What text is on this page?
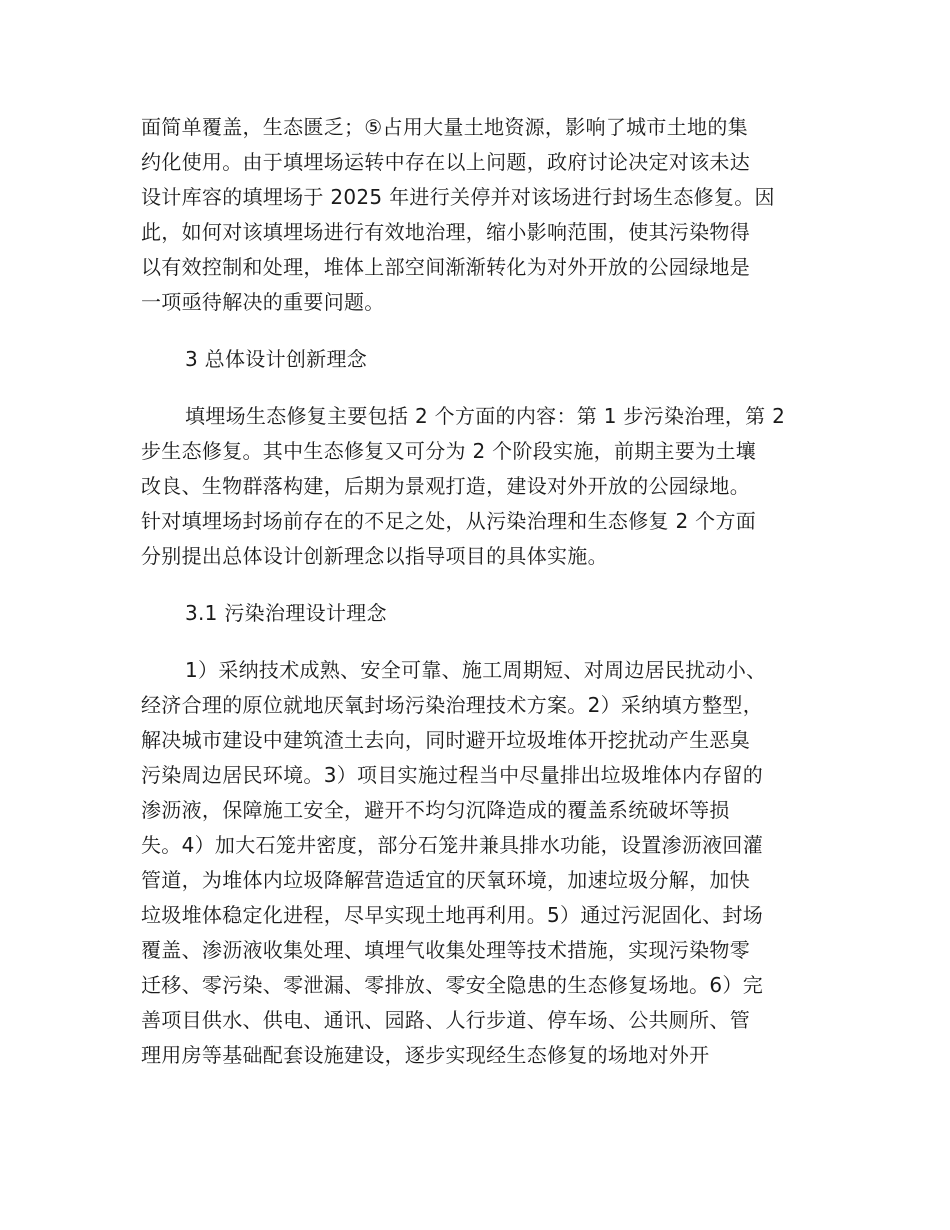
面简单覆盖，生态匮乏；⑤占用大量土地资源，影响了城市土地的集
约化使用。由于填埋场运转中存在以上问题，政府讨论决定对该未达
设计库容的填埋场于 2025 年进行关停并对该场进行封场生态修复。因
此，如何对该填埋场进行有效地治理，缩小影响范围，使其污染物得
以有效控制和处理，堆体上部空间渐渐转化为对外开放的公园绿地是
一项亟待解决的重要问题。
3 总体设计创新理念
填埋场生态修复主要包括 2 个方面的内容：第 1 步污染治理，第 2
步生态修复。其中生态修复又可分为 2 个阶段实施，前期主要为土壤
改良、生物群落构建，后期为景观打造，建设对外开放的公园绿地。
针对填埋场封场前存在的不足之处，从污染治理和生态修复 2 个方面
分别提出总体设计创新理念以指导项目的具体实施。
3.1 污染治理设计理念
1）采纳技术成熟、安全可靠、施工周期短、对周边居民扰动小、
经济合理的原位就地厌氧封场污染治理技术方案。2）采纳填方整型，
解决城市建设中建筑渣土去向，同时避开垃圾堆体开挖扰动产生恶臭
污染周边居民环境。3）项目实施过程当中尽量排出垃圾堆体内存留的
渗沥液，保障施工安全，避开不均匀沉降造成的覆盖系统破坏等损
失。4）加大石笼井密度，部分石笼井兼具排水功能，设置渗沥液回灌
管道，为堆体内垃圾降解营造适宜的厌氧环境，加速垃圾分解，加快
垃圾堆体稳定化进程，尽早实现土地再利用。5）通过污泥固化、封场
覆盖、渗沥液收集处理、填埋气收集处理等技术措施，实现污染物零
迁移、零污染、零泄漏、零排放、零安全隐患的生态修复场地。6）完
善项目供水、供电、通讯、园路、人行步道、停车场、公共厕所、管
理用房等基础配套设施建设，逐步实现经生态修复的场地对外开
